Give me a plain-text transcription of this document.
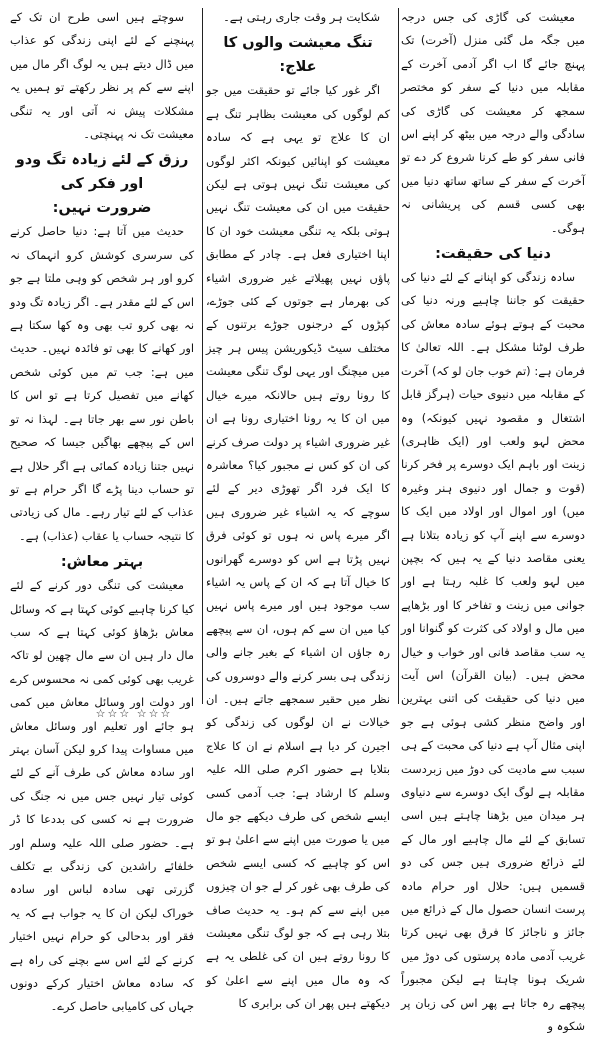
معیشت کی گاڑی کی جس درجہ میں جگہ مل گئی منزل (آخرت) تک پہنچ جائے گا اب اگر آدمی آخرت کے مقابلہ میں دنیا کے سفر کو مختصر سمجھ کر معیشت کی گاڑی کی سادگی والے درجہ میں بیٹھ کر اپنے اس فانی سفر کو طے کرنا شروع کر دے تو آخرت کے سفر کے ساتھ ساتھ دنیا میں بھی کسی قسم کی پریشانی نہ ہوگی۔

دنیا کی حقیقت:

سادہ زندگی کو اپنانے کے لئے دنیا کی حقیقت کو جاننا چاہیے ورنہ دنیا کی محبت کے ہوتے ہوئے سادہ معاش کی طرف لوٹنا مشکل ہے۔ اللہ تعالیٰ کا فرمان ہے: (تم خوب جان لو کہ) آخرت کے مقابلہ میں دنیوی حیات (ہرگز قابل اشتغال و مقصود نہیں کیونکہ) وہ محض لہو ولعب اور (ایک ظاہری) زینت اور باہم ایک دوسرے پر فخر کرنا (قوت و جمال اور دنیوی ہنر وغیرہ میں) اور اموال اور اولاد میں ایک کا دوسرے سے اپنے آپ کو زیادہ بتلانا ہے یعنی مقاصد دنیا کے یہ ہیں کہ بچپن میں لہو ولعب کا غلبہ رہتا ہے اور جوانی میں زینت و تفاخر کا اور بڑھاپے میں مال و اولاد کی کثرت کو گنوانا اور یہ سب مقاصد فانی اور خواب و خیال محض ہیں۔ (بیان القرآن) اس آیت میں دنیا کی حقیقت کی اتنی بہترین اور واضح منظر کشی ہوئی ہے جو اپنی مثال آپ ہے دنیا کی محبت کے ہی سبب سے مادیت کی دوڑ میں زبردست مقابلہ ہے لوگ ایک دوسرے سے دنیاوی ہر میدان میں بڑھنا چاہتے ہیں اسی تسابق کے لئے مال چاہیے اور مال کے لئے ذرائع ضروری ہیں جس کی دو قسمیں ہیں: حلال اور حرام مادہ پرست انسان حصول مال کے ذرائع میں جائز و ناجائز کا فرق بھی نہیں کرتا غریب آدمی مادہ پرستوں کی دوڑ میں شریک ہونا چاہتا ہے لیکن مجبوراً پیچھے رہ جاتا ہے پھر اس کی زبان پر شکوہ و

شکایت ہر وقت جاری رہتی ہے۔

تنگ معیشت والوں کا علاج:

اگر غور کیا جائے تو حقیقت میں جو کم لوگوں کی معیشت بظاہر تنگ ہے ان کا علاج تو یہی ہے کہ سادہ معیشت کو اپنائیں کیونکہ اکثر لوگوں کی معیشت تنگ نہیں ہوتی ہے لیکن حقیقت میں ان کی معیشت تنگ نہیں ہوتی بلکہ یہ تنگی معیشت خود ان کا اپنا اختیاری فعل ہے۔ چادر کے مطابق پاؤں نہیں پھیلاتے غیر ضروری اشیاء کی بھرمار ہے جوتوں کے کئی جوڑے، کپڑوں کے درجنوں جوڑے برتنوں کے مختلف سیٹ ڈیکوریشن پیس ہر چیز میں میچنگ اور یہی لوگ تنگی معیشت کا رونا روتے ہیں حالانکہ میرے خیال میں ان کا یہ رونا اختیاری رونا ہے ان غیر ضروری اشیاء پر دولت صرف کرنے کی ان کو کس نے مجبور کیا؟ معاشرہ کا ایک فرد اگر تھوڑی دیر کے لئے سوچے کہ یہ اشیاء غیر ضروری ہیں اگر میرے پاس نہ ہوں تو کوئی فرق نہیں پڑتا ہے اس کو دوسرے گھرانوں کا خیال آتا ہے کہ ان کے پاس یہ اشیاء سب موجود ہیں اور میرے پاس نہیں کیا میں ان سے کم ہوں، ان سے پیچھے رہ جاؤں ان اشیاء کے بغیر جانے والی زندگی ہی بسر کرنے والے دوسروں کی نظر میں حقیر سمجھے جاتے ہیں۔ ان خیالات نے ان لوگوں کی زندگی کو اجیرن کر دیا ہے اسلام نے ان کا علاج بتلایا ہے حضور اکرم صلی اللہ علیہ وسلم کا ارشاد ہے: جب آدمی کسی ایسے شخص کی طرف دیکھے جو مال میں یا صورت میں اپنے سے اعلیٰ ہو تو اس کو چاہیے کہ کسی ایسے شخص کی طرف بھی غور کر لے جو ان چیزوں میں اپنے سے کم ہو۔ یہ حدیث صاف بتلا رہی ہے کہ جو لوگ تنگی معیشت کا رونا روتے ہیں ان کی غلطی یہ ہے کہ وہ مال میں اپنے سے اعلیٰ کو دیکھتے ہیں پھر ان کی برابری کا

سوچتے ہیں اسی طرح ان تک کے پہنچنے کے لئے اپنی زندگی کو عذاب میں ڈال دیتے ہیں یہ لوگ اگر مال میں اپنے سے کم پر نظر رکھتے تو ہمیں یہ مشکلات پیش نہ آتی اور یہ تنگی معیشت تک نہ پہنچتی۔

رزق کے لئے زیادہ تگ ودو اور فکر کی
ضرورت نہیں:

حدیث میں آتا ہے: دنیا حاصل کرنے کی سرسری کوشش کرو انہماک نہ کرو اور ہر شخص کو وہی ملتا ہے جو اس کے لئے مقدر ہے۔ اگر زیادہ تگ ودو نہ بھی کرو تب بھی وہ کھا سکتا ہے اور کھانے کا بھی تو فائدہ نہیں۔ حدیث میں ہے: جب تم میں کوئی شخص کھانے میں تفصیل کرتا ہے تو اس کا باطن نور سے بھر جاتا ہے۔ لہذا نہ تو اس کے پیچھے بھاگیں جیسا کہ صحیح نہیں جتنا زیادہ کمائی ہے اگر حلال ہے تو حساب دینا پڑے گا اگر حرام ہے تو عذاب کے لئے تیار رہے۔ مال کی زیادتی کا نتیجہ حساب یا عقاب (عذاب) ہے۔

بہتر معاش:

معیشت کی تنگی دور کرنے کے لئے کیا کرنا چاہیے کوئی کہتا ہے کہ وسائل معاش بڑھاؤ کوئی کہتا ہے کہ سب مال دار ہیں ان سے مال چھین لو تاکہ غریب بھی کوئی کمی نہ محسوس کرے اور دولت اور وسائل معاش میں کمی ہو جائے اور تعلیم اور وسائل معاش میں مساوات پیدا کرو لیکن آسان بہتر اور سادہ معاش کی طرف آنے کے لئے کوئی تیار نہیں جس میں نہ جنگ کی ضرورت ہے نہ کسی کی بددعا کا ڈر ہے۔ حضور صلی اللہ علیہ وسلم اور خلفائے راشدین کی زندگی بے تکلف گزرتی تھی سادہ لباس اور سادہ خوراک لیکن ان کا یہ جواب ہے کہ یہ فقر اور بدحالی کو حرام نہیں اختیار کرنے کے لئے اس سے بچنے کی راہ ہے کہ سادہ معاش اختیار کرکے دونوں جہاں کی کامیابی حاصل کرے۔

☆☆☆ ☆☆☆
